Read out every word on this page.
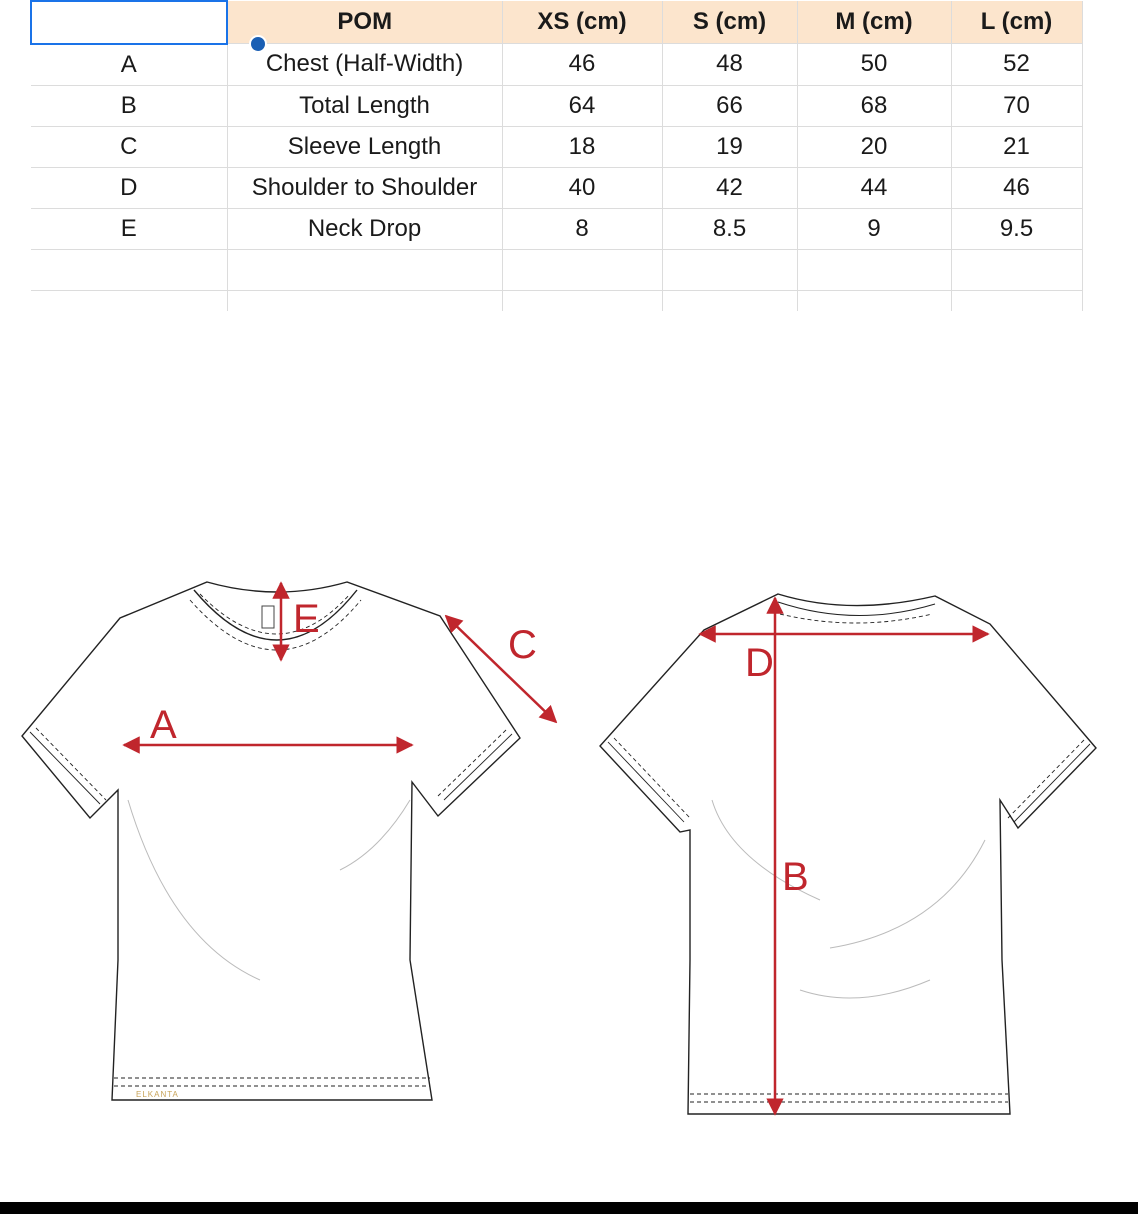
	POM	XS (cm)	S (cm)	M (cm)	L (cm)
A	Chest (Half-Width)	46	48	50	52
B	Total Length	64	66	68	70
C	Sleeve Length	18	19	20	21
D	Shoulder to Shoulder	40	42	44	46
E	Neck Drop	8	8.5	9	9.5

ELKANTA
A
E
C	D
B
